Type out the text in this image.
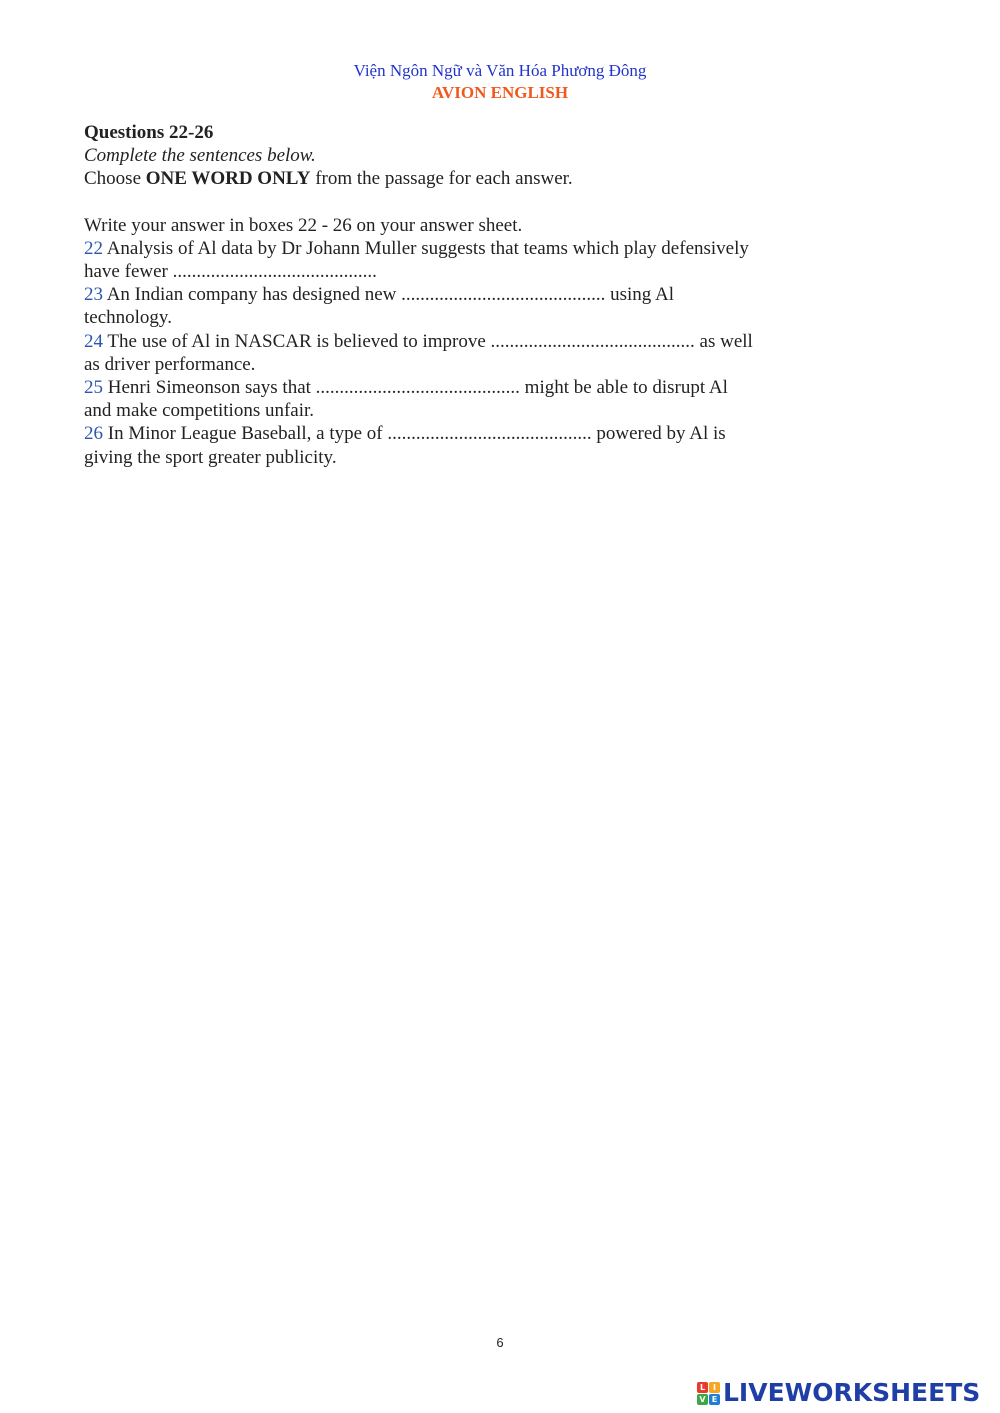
Viện Ngôn Ngữ và Văn Hóa Phương Đông
AVION ENGLISH

Questions 22-26

Complete the sentences below.

Choose ONE WORD ONLY from the passage for each answer.

Write your answer in boxes 22 - 26 on your answer sheet.

22 Analysis of Al data by Dr Johann Muller suggests that teams which play defensively

have fewer ...........................................

23 An Indian company has designed new ........................................... using Al

technology.

24 The use of Al in NASCAR is believed to improve ........................................... as well

as driver performance.

25 Henri Simeonson says that ........................................... might be able to disrupt Al

and make competitions unfair.

26 In Minor League Baseball, a type of ........................................... powered by Al is

giving the sport greater publicity.

6
L I
V E LIVEWORKSHEETS
